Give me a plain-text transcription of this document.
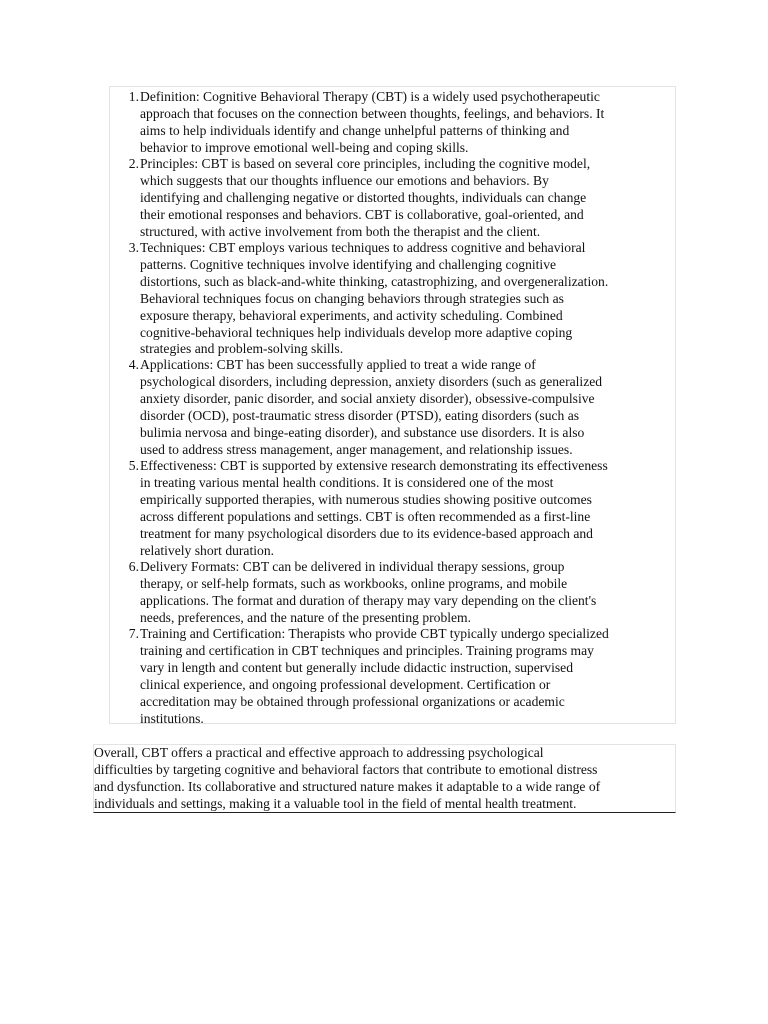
1. Definition: Cognitive Behavioral Therapy (CBT) is a widely used psychotherapeutic
approach that focuses on the connection between thoughts, feelings, and behaviors. It
aims to help individuals identify and change unhelpful patterns of thinking and
behavior to improve emotional well-being and coping skills.
2. Principles: CBT is based on several core principles, including the cognitive model,
which suggests that our thoughts influence our emotions and behaviors. By
identifying and challenging negative or distorted thoughts, individuals can change
their emotional responses and behaviors. CBT is collaborative, goal-oriented, and
structured, with active involvement from both the therapist and the client.
3. Techniques: CBT employs various techniques to address cognitive and behavioral
patterns. Cognitive techniques involve identifying and challenging cognitive
distortions, such as black-and-white thinking, catastrophizing, and overgeneralization.
Behavioral techniques focus on changing behaviors through strategies such as
exposure therapy, behavioral experiments, and activity scheduling. Combined
cognitive-behavioral techniques help individuals develop more adaptive coping
strategies and problem-solving skills.
4. Applications: CBT has been successfully applied to treat a wide range of
psychological disorders, including depression, anxiety disorders (such as generalized
anxiety disorder, panic disorder, and social anxiety disorder), obsessive-compulsive
disorder (OCD), post-traumatic stress disorder (PTSD), eating disorders (such as
bulimia nervosa and binge-eating disorder), and substance use disorders. It is also
used to address stress management, anger management, and relationship issues.
5. Effectiveness: CBT is supported by extensive research demonstrating its effectiveness
in treating various mental health conditions. It is considered one of the most
empirically supported therapies, with numerous studies showing positive outcomes
across different populations and settings. CBT is often recommended as a first-line
treatment for many psychological disorders due to its evidence-based approach and
relatively short duration.
6. Delivery Formats: CBT can be delivered in individual therapy sessions, group
therapy, or self-help formats, such as workbooks, online programs, and mobile
applications. The format and duration of therapy may vary depending on the client's
needs, preferences, and the nature of the presenting problem.
7. Training and Certification: Therapists who provide CBT typically undergo specialized
training and certification in CBT techniques and principles. Training programs may
vary in length and content but generally include didactic instruction, supervised
clinical experience, and ongoing professional development. Certification or
accreditation may be obtained through professional organizations or academic
institutions.
Overall, CBT offers a practical and effective approach to addressing psychological
difficulties by targeting cognitive and behavioral factors that contribute to emotional distress
and dysfunction. Its collaborative and structured nature makes it adaptable to a wide range of
individuals and settings, making it a valuable tool in the field of mental health treatment.
